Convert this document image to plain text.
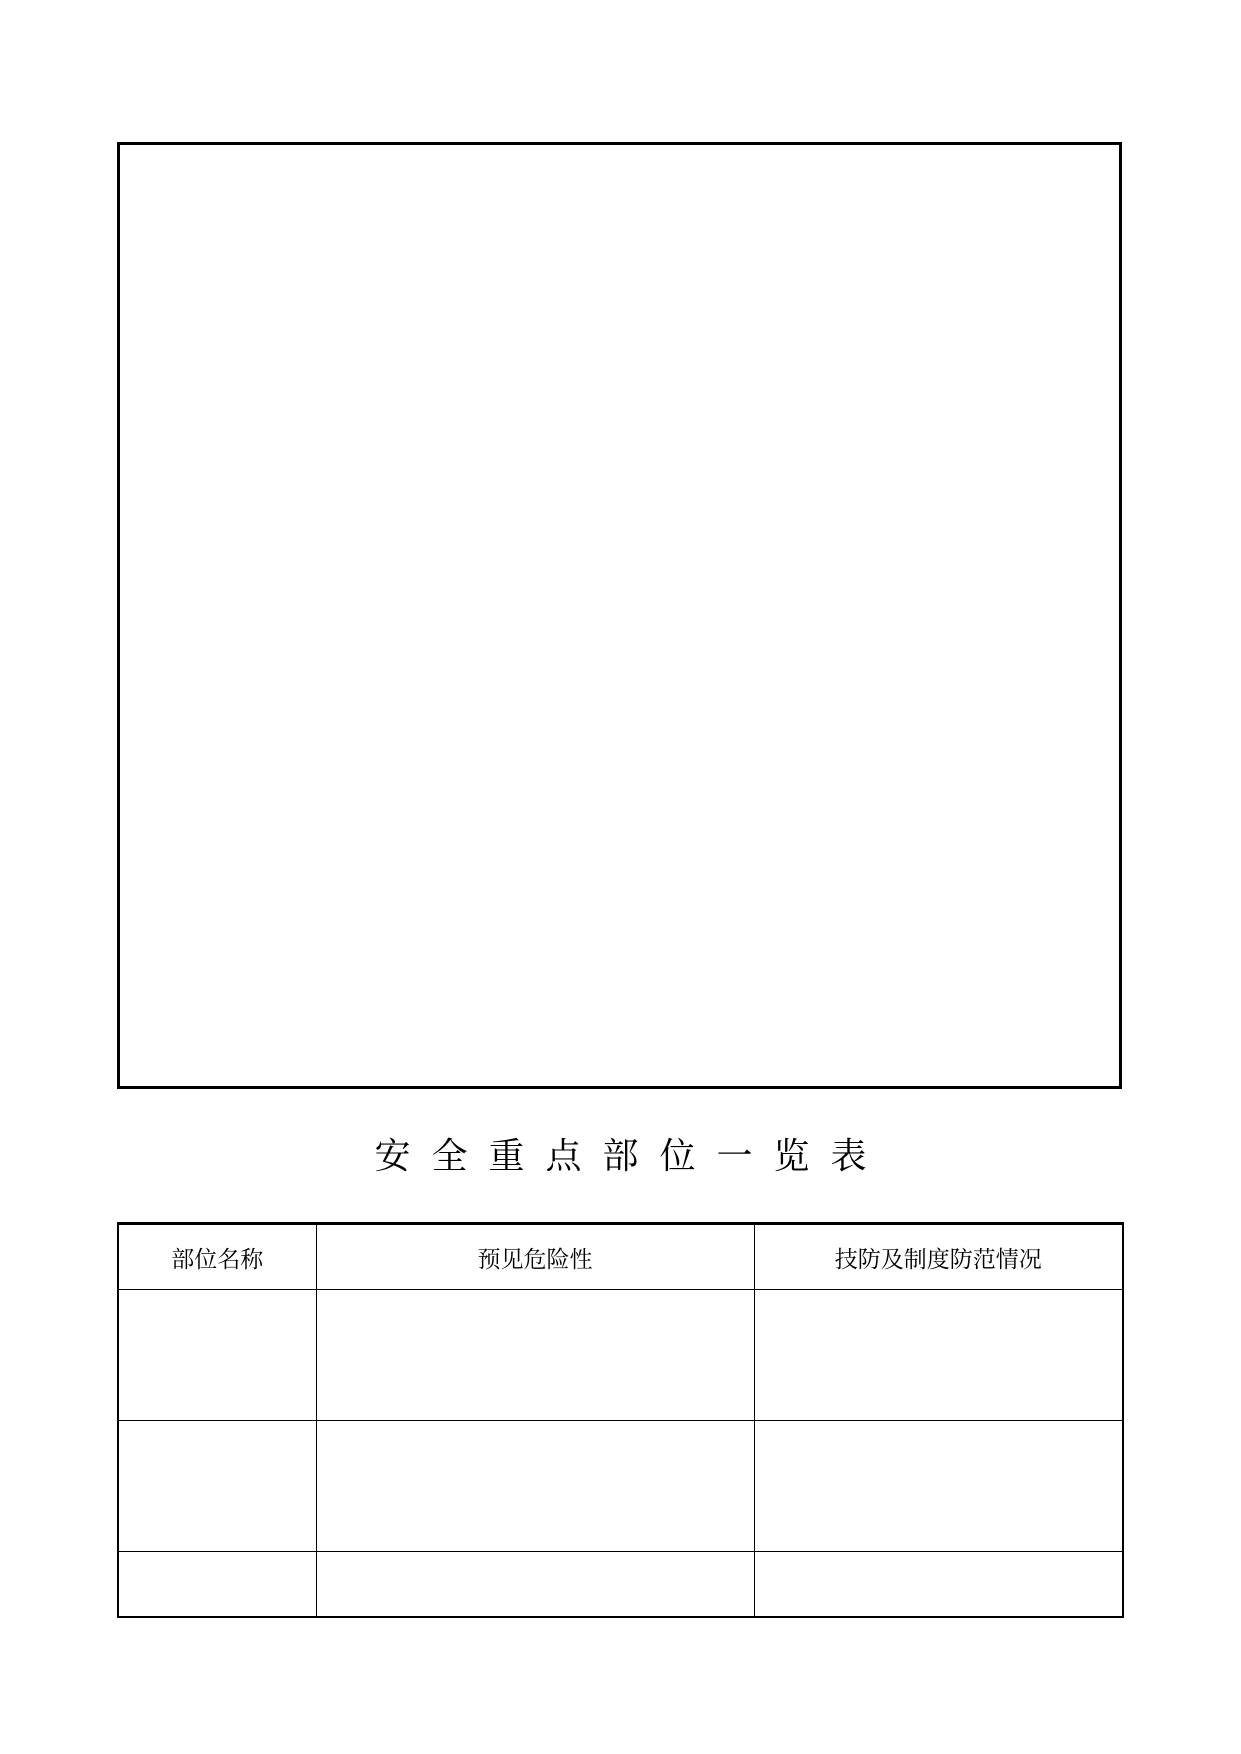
安全重点部位一览表
部位名称	预见危险性	技防及制度防范情况
